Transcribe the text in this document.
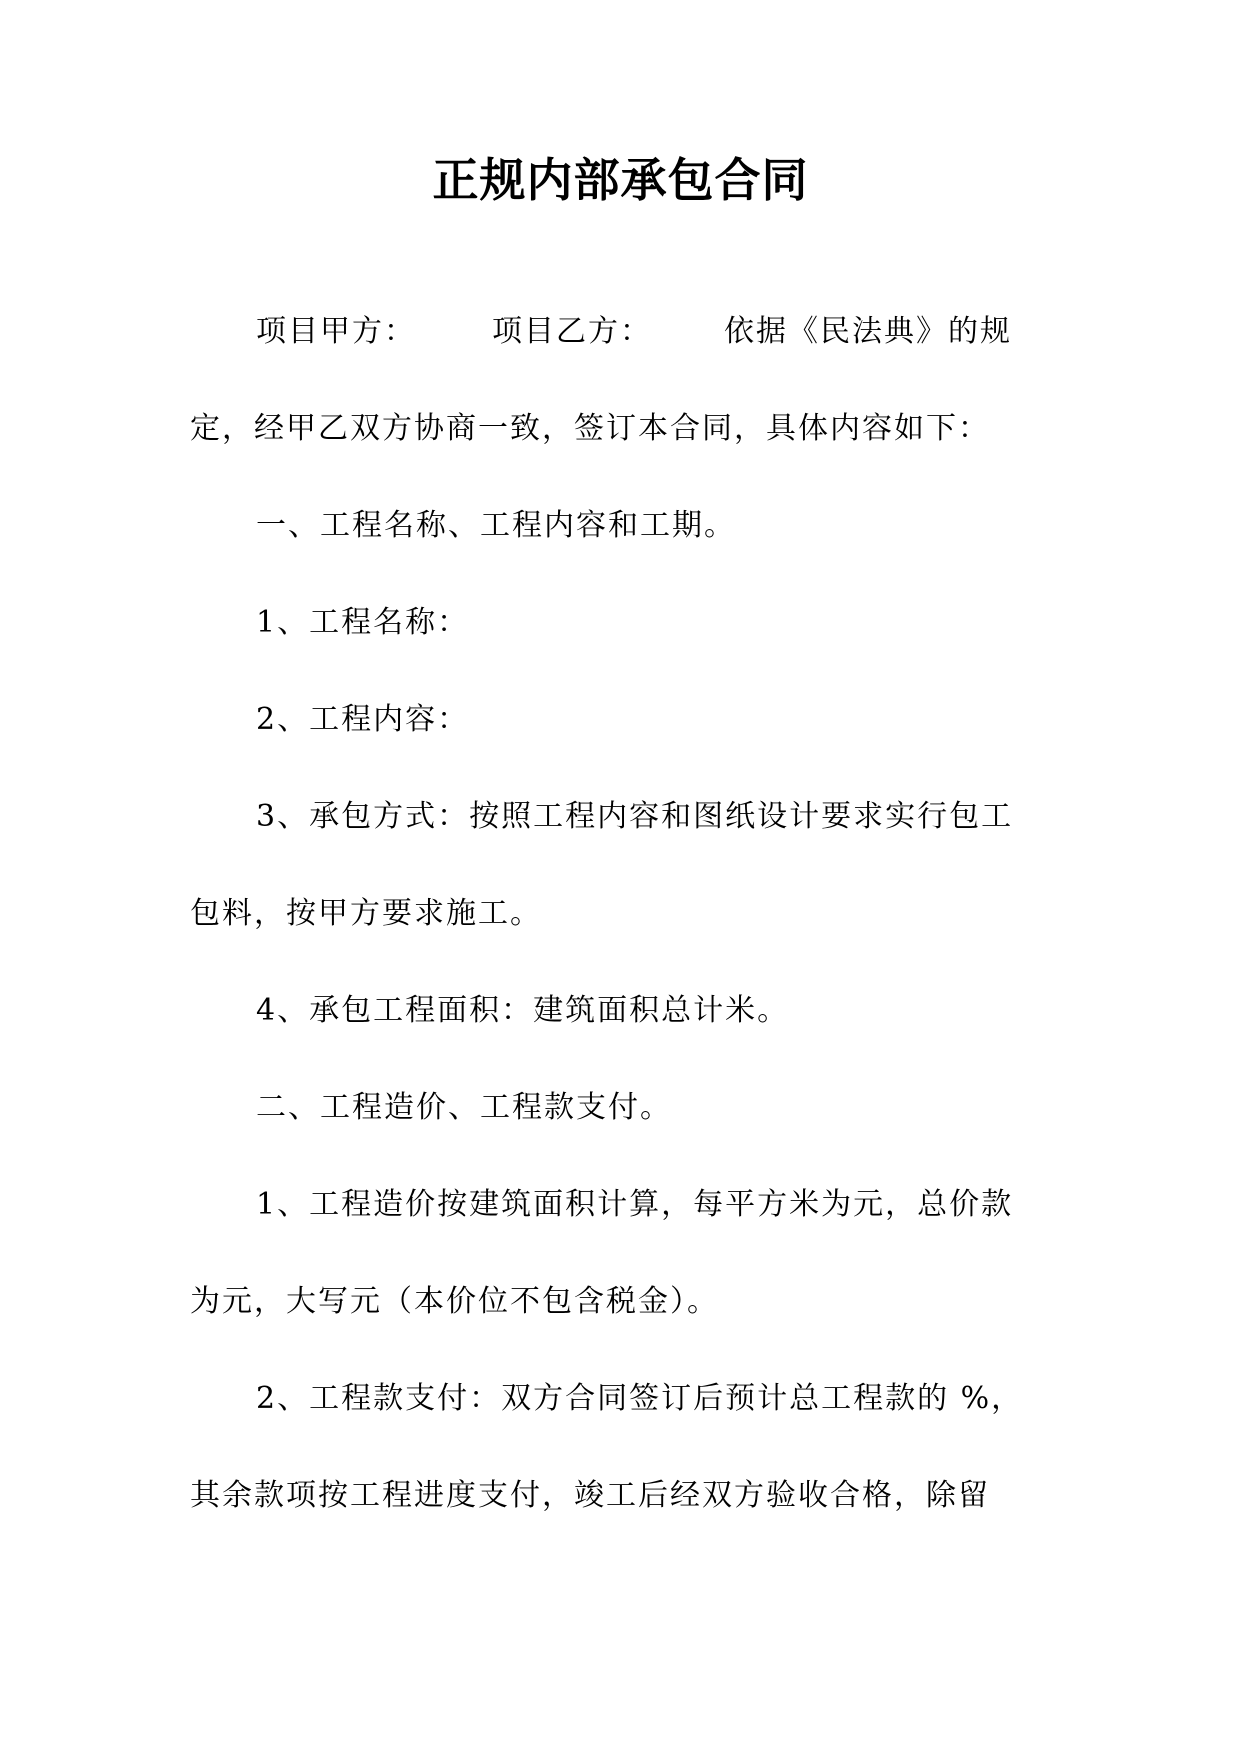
正规内部承包合同
项目甲方：	项目乙方： 依据《民法典》的规
定，经甲乙双方协商一致，签订本合同，具体内容如下：
一、工程名称、工程内容和工期。
1、工程名称：
2、工程内容：
3、承包方式：按照工程内容和图纸设计要求实行包工
包料，按甲方要求施工。
4、承包工程面积：建筑面积总计米。
二、工程造价、工程款支付。
1、工程造价按建筑面积计算，每平方米为元，总价款
为元，大写元（本价位不包含税金）。
2、工程款支付：双方合同签订后预计总工程款的 %，
其余款项按工程进度支付，竣工后经双方验收合格，除留
